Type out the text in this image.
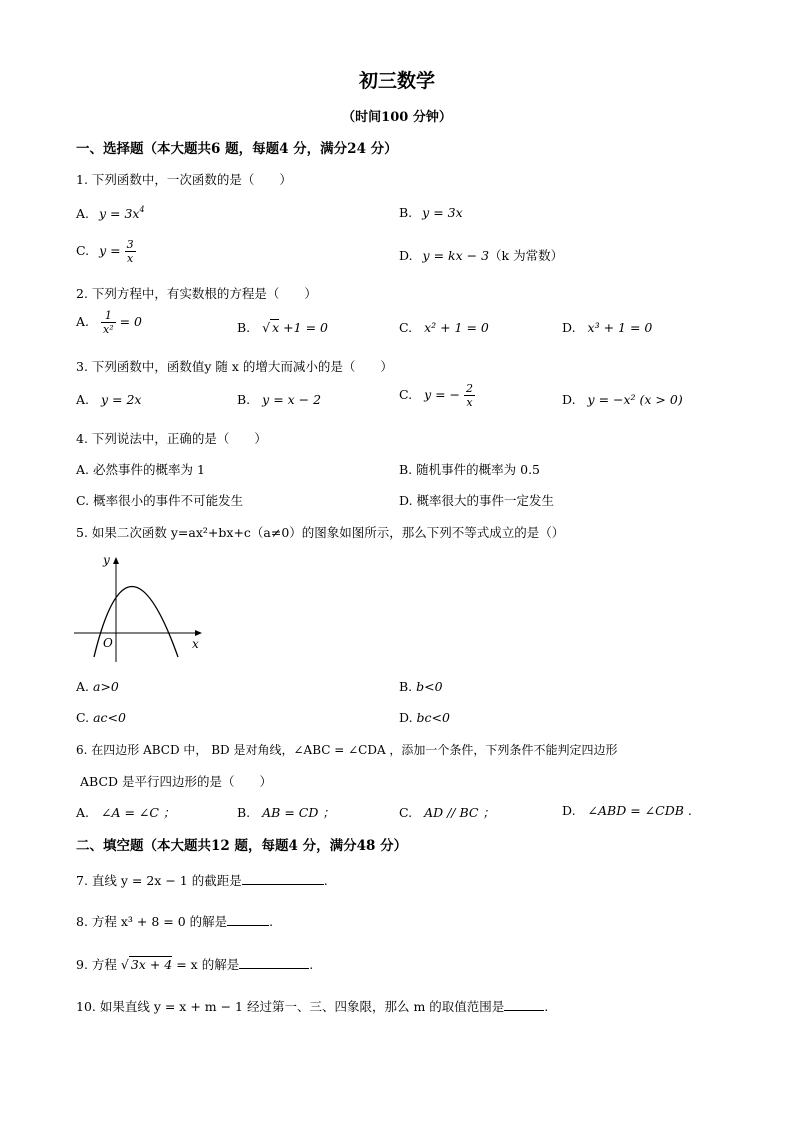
初三数学
（时间100 分钟）
一、选择题（本大题共6 题，每题4 分，满分24 分）
1. 下列函数中，一次函数的是（　　）
A. $y = 3x^4$	B. y = 3x
C. $y = \frac{3}{x}$	D. y = kx − 3（k 为常数）
2. 下列方程中，有实数根的方程是（　　）
A. $\frac{1}{\text{x²}} = 0$	B. √ x +1 = 0	C. x² + 1 = 0	D. x³ + 1 = 0
3. 下列函数中，函数值y 随 x 的增大而减小的是（　　）
A. y = 2x	B. y = x − 2	C. y = − $\frac{2}{x}$	D. y = −x² (x > 0)
4. 下列说法中，正确的是（　　）
A. 必然事件的概率为 1	B. 随机事件的概率为 0.5
C. 概率很小的事件不可能发生	D. 概率很大的事件一定发生
5. 如果二次函数 y=ax²+bx+c（a≠0）的图象如图所示，那么下列不等式成立的是（）
y
x
O
A. a>0	B. b<0
C. ac<0	D. bc<0
6. 在四边形 ABCD 中， BD 是对角线，∠ABC = ∠CDA ，添加一个条件，下列条件不能判定四边形
ABCD 是平行四边形的是（　　）
A. ∠A = ∠C ；	B. AB = CD ；	C. AD // BC ；	D. ∠ABD = ∠CDB .
二、填空题（本大题共12 题，每题4 分，满分48 分）
7. 直线 y = 2x − 1 的截距是	.
8. 方程 x³ + 8 = 0 的解是	.
9. 方程 √ 3x + 4 = x 的解是	.
10. 如果直线 y = x + m − 1 经过第一、三、四象限，那么 m 的取值范围是	.
